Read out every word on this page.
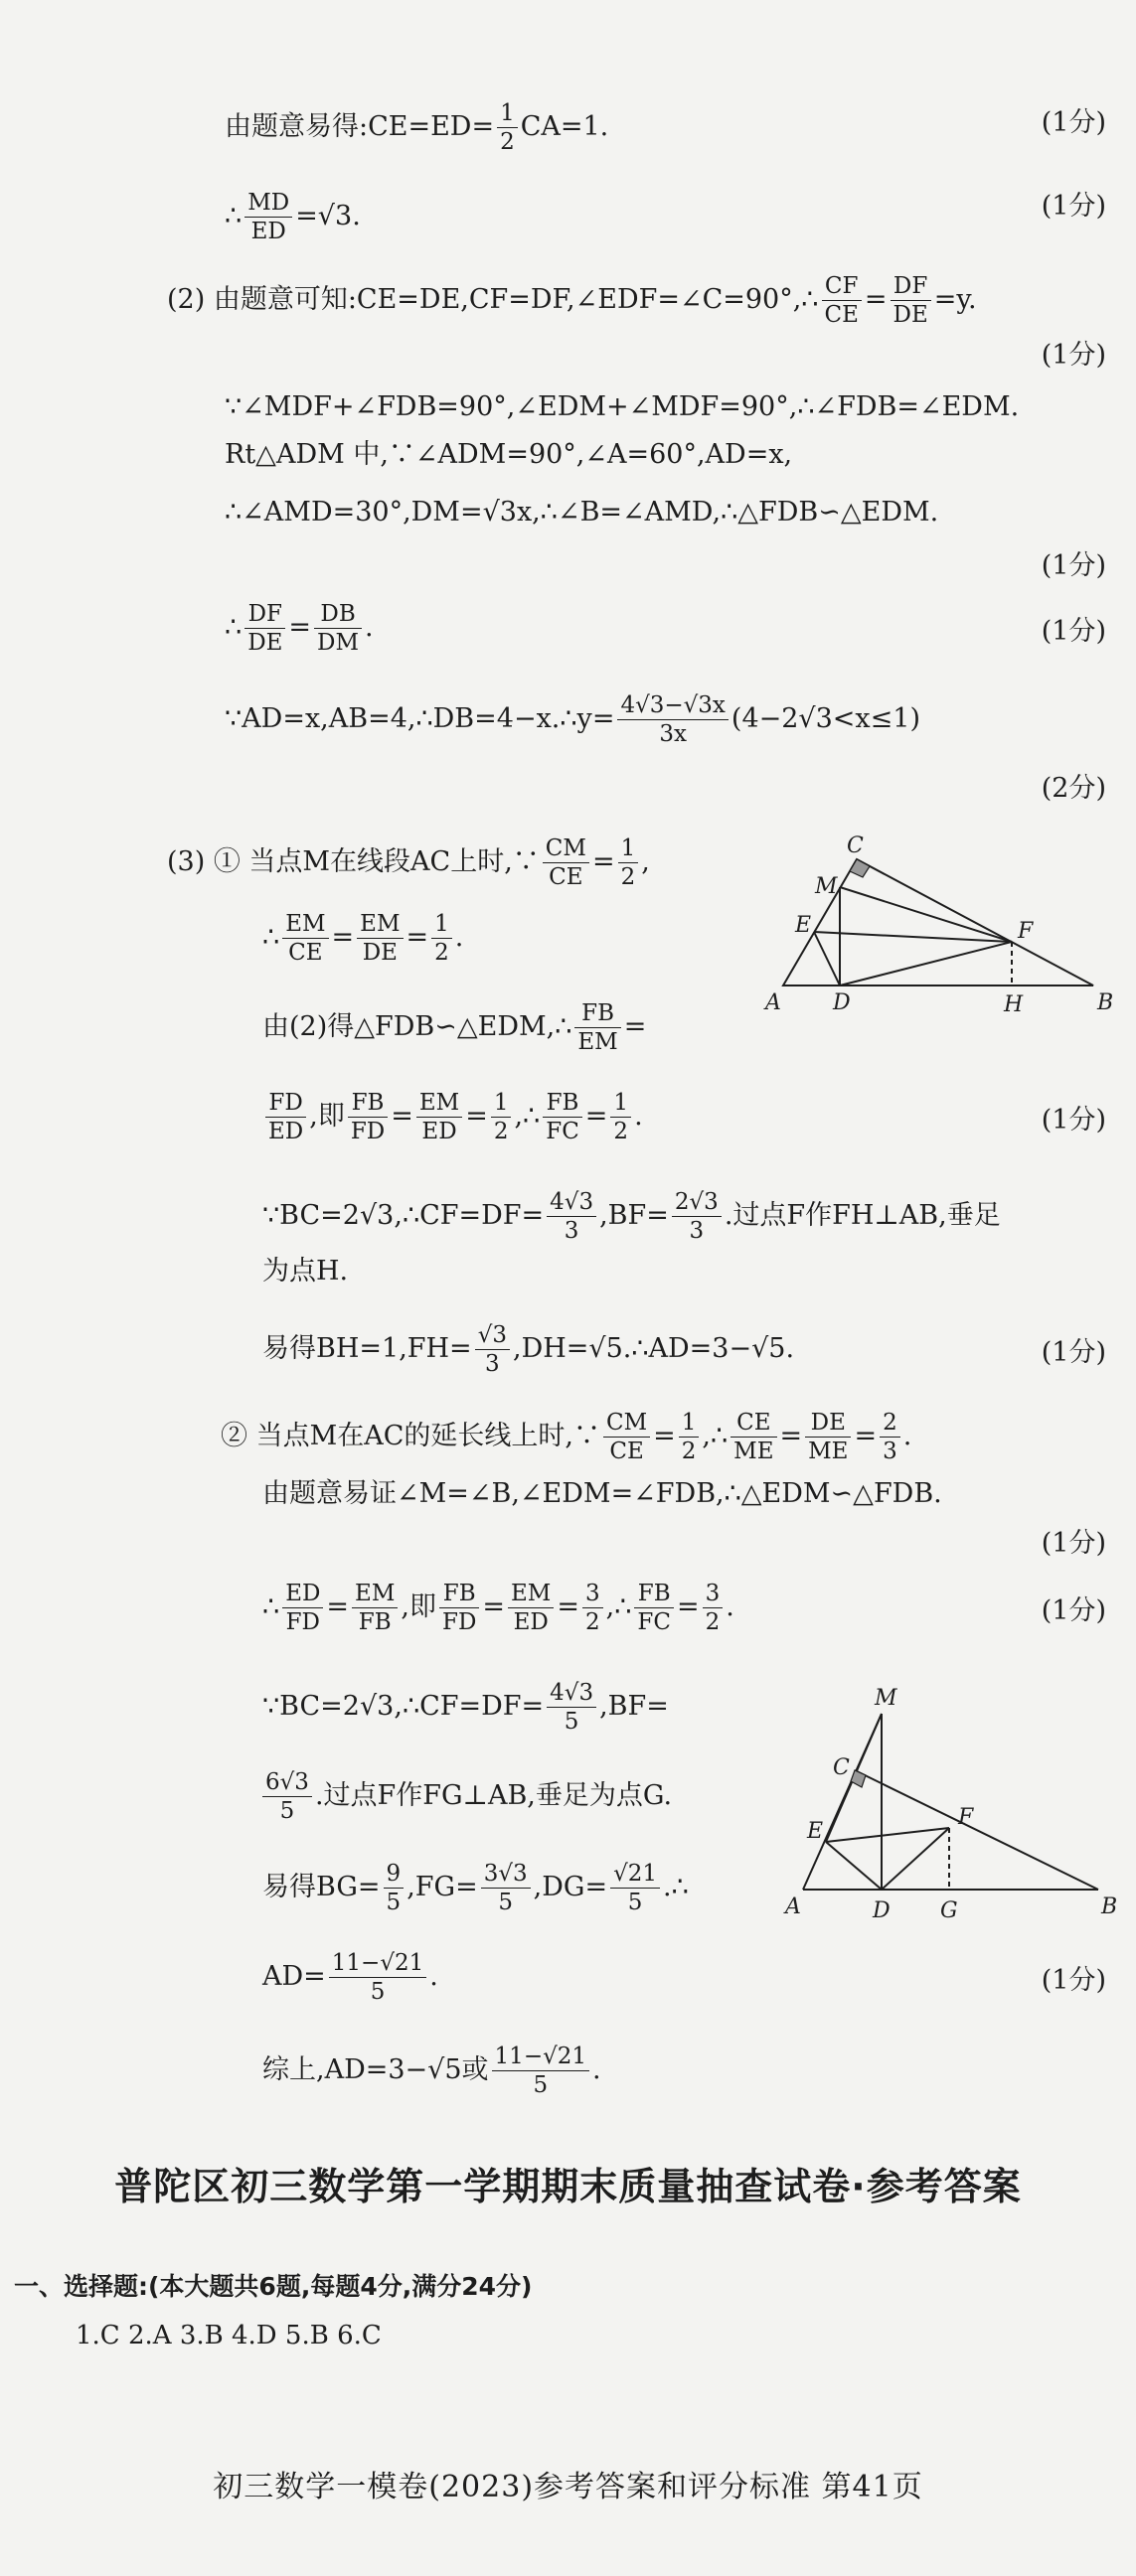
由题意易得:CE=ED= $\frac{1}{2} CA=1$.	(1分)
∴ $\frac{MD}{ED} =√3$.	(1分)
(2) 由题意可知:CE=DE,CF=DF,∠EDF=∠C=90°,∴ $\frac{CF}{CE} = \frac{DF}{DE} =y$.
(1分)
∵∠MDF+∠FDB=90°,∠EDM+∠MDF=90°,∴∠FDB=∠EDM.
Rt△ADM 中,∵∠ADM=90°,∠A=60°,AD=x,
∴∠AMD=30°,DM=√3x,∴∠B=∠AMD,∴△FDB∽△EDM.
(1分)
∴ $\frac{DF}{DE} = \frac{DB}{DM}$ .	(1分)
∵AD=x,AB=4,∴DB=4−x.∴y= $\frac{4√3-√3x}{3x} (4-2√3<x\le 1)$
(2分)
(3) ① 当点M在线段AC上时,∵ $\frac{CM}{CE} = \frac{1}{2}$ ,
∴ $\frac{EM}{CE} = \frac{EM}{DE} = \frac{1}{2}$ .
由(2)得△FDB∽△EDM,∴ $\frac{FB}{EM}$ =
$\frac{FD}{ED}$ ,即 $\frac{FB}{FD} = \frac{EM}{ED} = \frac{1}{2}$ ,∴ $\frac{FB}{FC} = \frac{1}{2}$ .	(1分)
∵BC=2√3,∴CF=DF= $\frac{4√3}{3} ,BF= \frac{2√3}{3}$ .过点F作FH⊥AB,垂足
为点H.
易得$BH=1,FH= \frac{√3}{3}$ ,DH=√5.∴AD=3−√5.	(1分)
② 当点M在AC的延长线上时,∵ $\frac{CM}{CE} = \frac{1}{2}$ ,∴ $\frac{CE}{ME} = \frac{DE}{ME} = \frac{2}{3}$ .
由题意易证∠M=∠B,∠EDM=∠FDB,∴△EDM∽△FDB.
(1分)
∴ $\frac{ED}{FD} = \frac{EM}{FB}$ ,即 $\frac{FB}{FD} = \frac{EM}{ED} = \frac{3}{2}$ ,∴ $\frac{FB}{FC} = \frac{3}{2}$ .	(1分)
∵BC=2√3,∴CF=DF= $\frac{4√3}{5} ,BF=$
$\frac{6√3}{5}$ .过点F作FG⊥AB,垂足为点G.
易得$BG= \frac{9}{5} ,FG= \frac{3√3}{5} ,DG= \frac{√21}{5}$ .∴
$AD= \frac{11-√21}{5}$ .	(1分)
综上,AD=3−√5或 $\frac{11-√21}{5}$ .
C
M
E	F
A D	H	B
M
C
F
E
A	D G	B
普陀区初三数学第一学期期末质量抽查试卷·参考答案
一、选择题:(本大题共6题,每题4分,满分24分)
1.C 2.A 3.B 4.D 5.B 6.C
初三数学一模卷(2023)参考答案和评分标准 第41页
